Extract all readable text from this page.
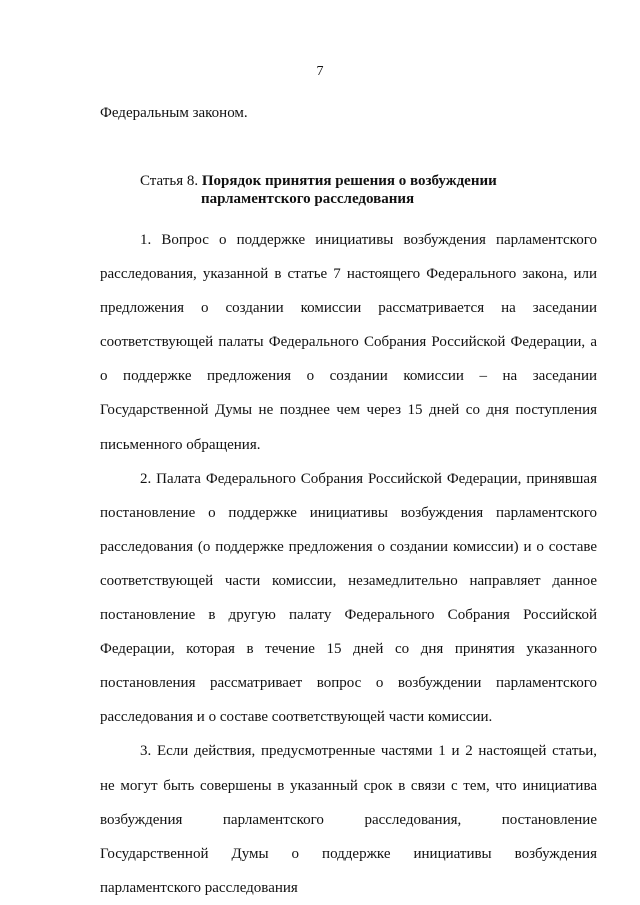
7
Федеральным законом.
Статья 8. Порядок принятия решения о возбуждении
парламентского расследования

1. Вопрос о поддержке инициативы возбуждения парламентского расследования, указанной в статье 7 настоящего Федерального закона, или предложения о создании комиссии рассматривается на заседании соответствующей палаты Федерального Собрания Российской Федерации, а о поддержке предложения о создании комиссии – на заседании Государственной Думы не позднее чем через 15 дней со дня поступления письменного обращения.

2. Палата Федерального Собрания Российской Федерации, принявшая постановление о поддержке инициативы возбуждения парламентского расследования (о поддержке предложения о создании комиссии) и о составе соответствующей части комиссии, незамедлительно направляет данное постановление в другую палату Федерального Собрания Российской Федерации, которая в течение 15 дней со дня принятия указанного постановления рассматривает вопрос о возбуждении парламентского расследования и о составе соответствующей части комиссии.

3. Если действия, предусмотренные частями 1 и 2 настоящей статьи, не могут быть совершены в указанный срок в связи с тем, что инициатива возбуждения парламентского расследования, постановление Государственной Думы о поддержке инициативы возбуждения парламентского расследования
